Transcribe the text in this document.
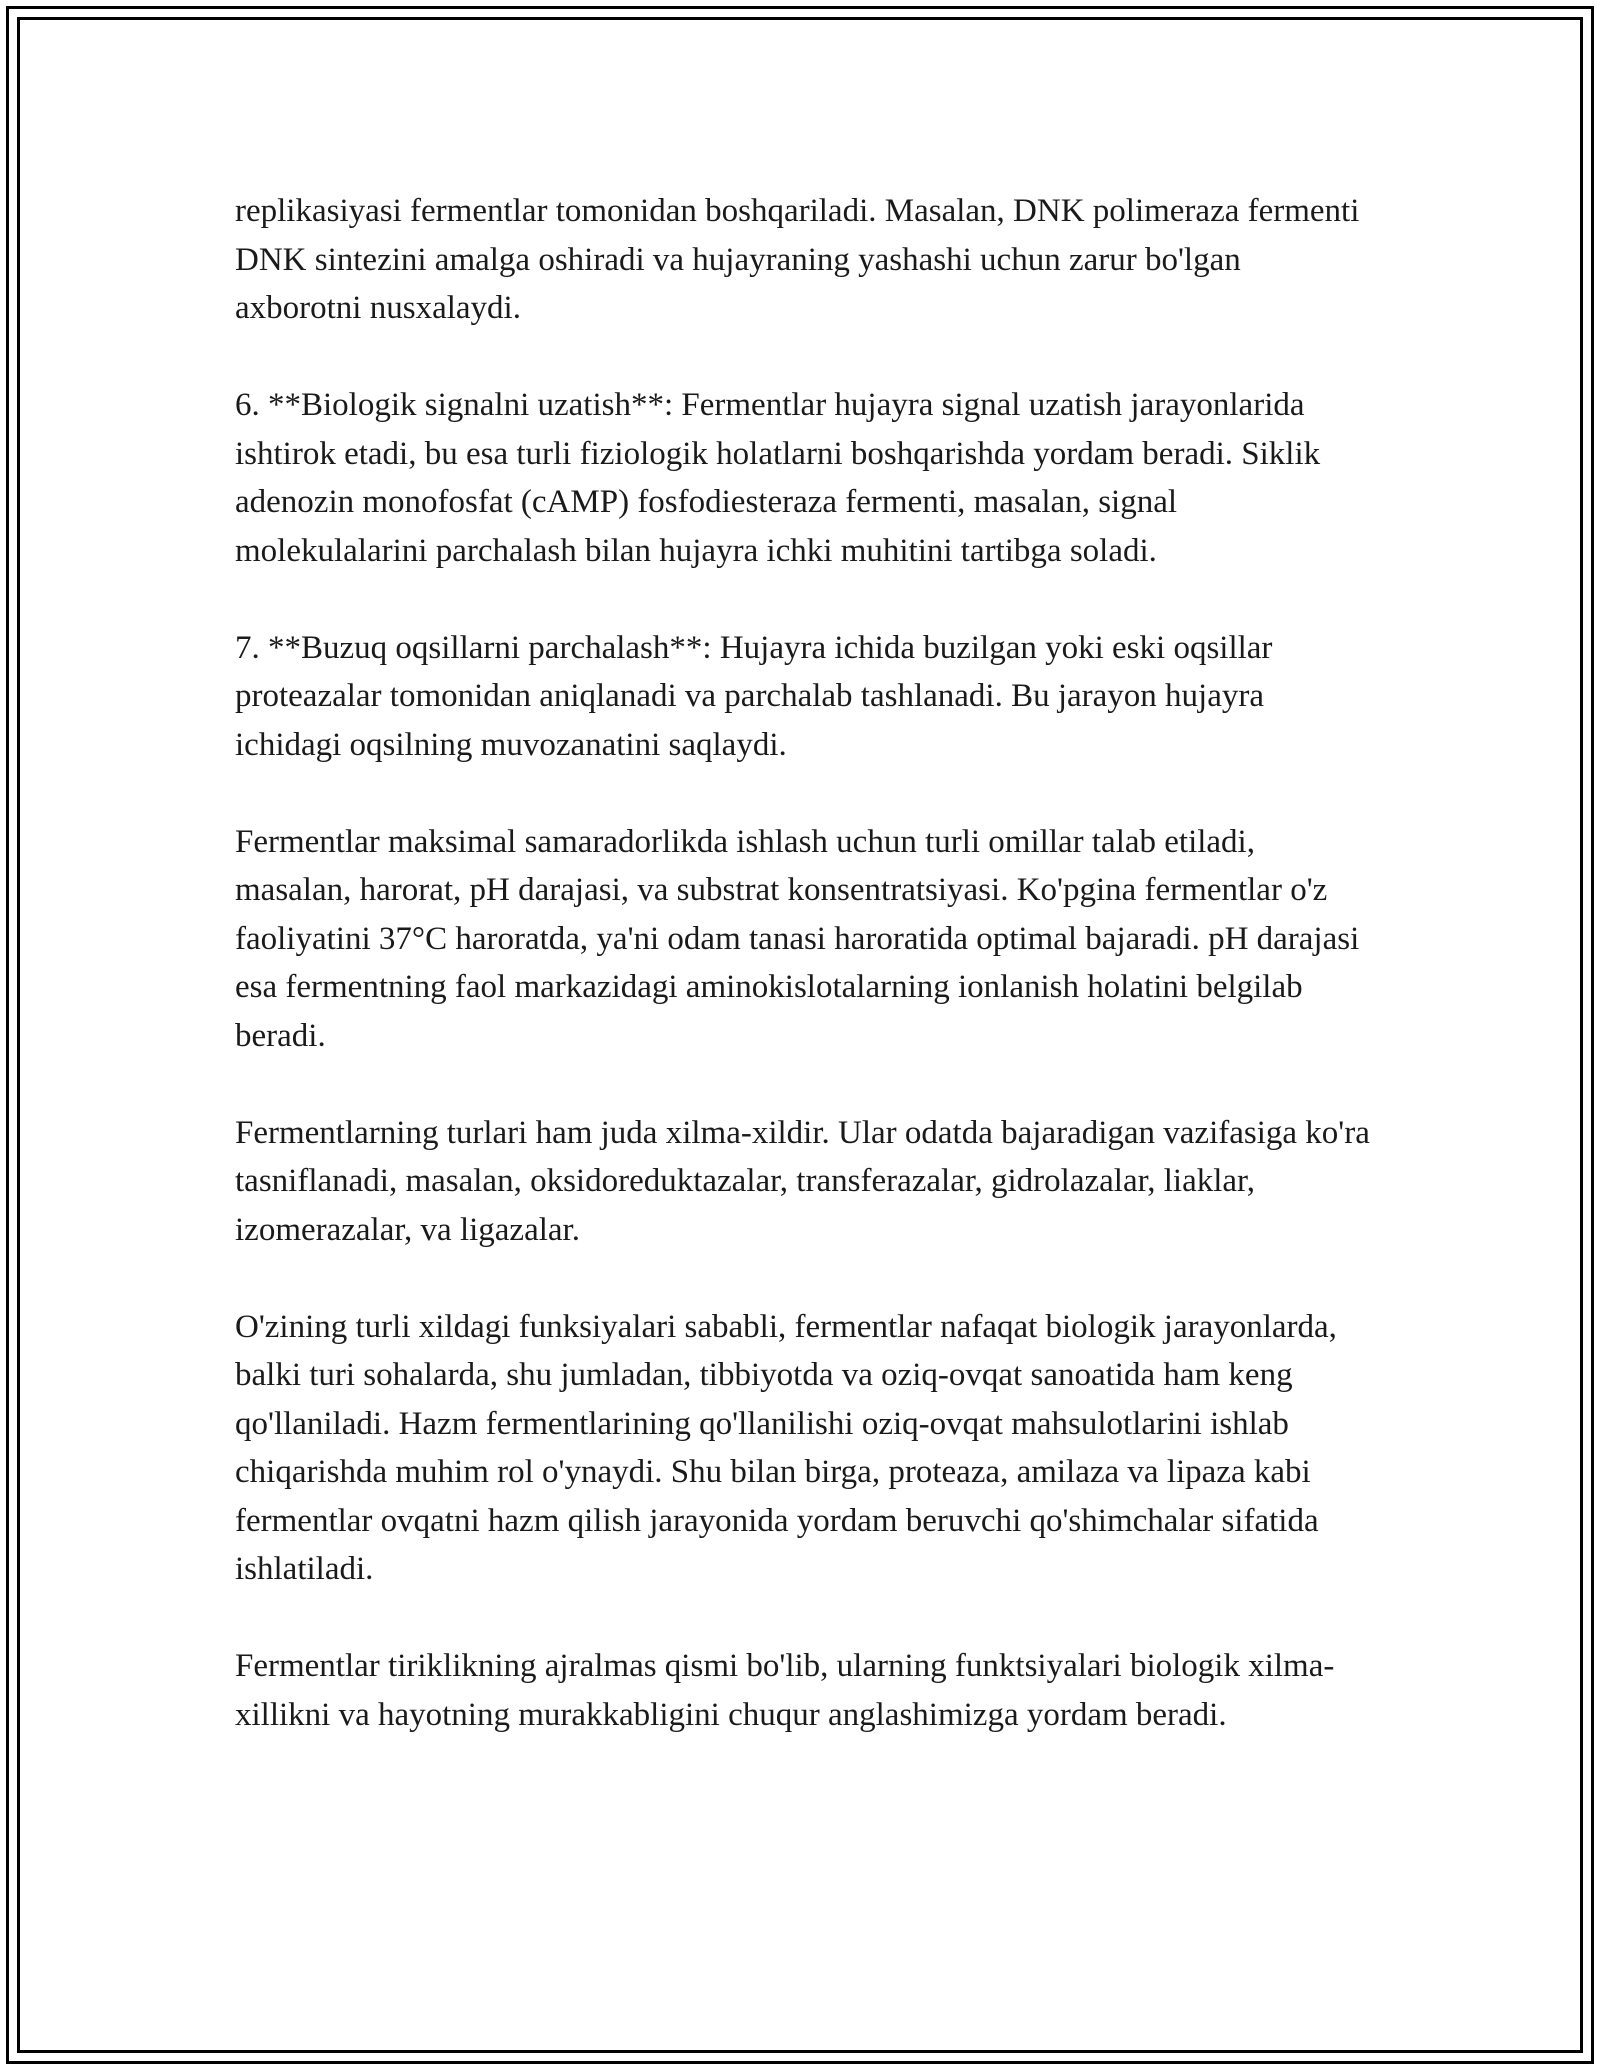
replikasiyasi fermentlar tomonidan boshqariladi. Masalan, DNK polimeraza fermenti DNK sintezini amalga oshiradi va hujayraning yashashi uchun zarur bo'lgan axborotni nusxalaydi.

6. **Biologik signalni uzatish**: Fermentlar hujayra signal uzatish jarayonlarida ishtirok etadi, bu esa turli fiziologik holatlarni boshqarishda yordam beradi. Siklik adenozin monofosfat (cAMP) fosfodiesteraza fermenti, masalan, signal molekulalarini parchalash bilan hujayra ichki muhitini tartibga soladi.

7. **Buzuq oqsillarni parchalash**: Hujayra ichida buzilgan yoki eski oqsillar proteazalar tomonidan aniqlanadi va parchalab tashlanadi. Bu jarayon hujayra ichidagi oqsilning muvozanatini saqlaydi.

Fermentlar maksimal samaradorlikda ishlash uchun turli omillar talab etiladi, masalan, harorat, pH darajasi, va substrat konsentratsiyasi. Ko'pgina fermentlar o'z faoliyatini 37°C haroratda, ya'ni odam tanasi haroratida optimal bajaradi. pH darajasi esa fermentning faol markazidagi aminokislotalarning ionlanish holatini belgilab beradi.

Fermentlarning turlari ham juda xilma-xildir. Ular odatda bajaradigan vazifasiga ko'ra tasniflanadi, masalan, oksidoreduktazalar, transferazalar, gidrolazalar, liaklar, izomerazalar, va ligazalar.

O'zining turli xildagi funksiyalari sababli, fermentlar nafaqat biologik jarayonlarda, balki turi sohalarda, shu jumladan, tibbiyotda va oziq-ovqat sanoatida ham keng qo'llaniladi. Hazm fermentlarining qo'llanilishi oziq-ovqat mahsulotlarini ishlab chiqarishda muhim rol o'ynaydi. Shu bilan birga, proteaza, amilaza va lipaza kabi fermentlar ovqatni hazm qilish jarayonida yordam beruvchi qo'shimchalar sifatida ishlatiladi.

Fermentlar tiriklikning ajralmas qismi bo'lib, ularning funktsiyalari biologik xilma-xillikni va hayotning murakkabligini chuqur anglashimizga yordam beradi.
